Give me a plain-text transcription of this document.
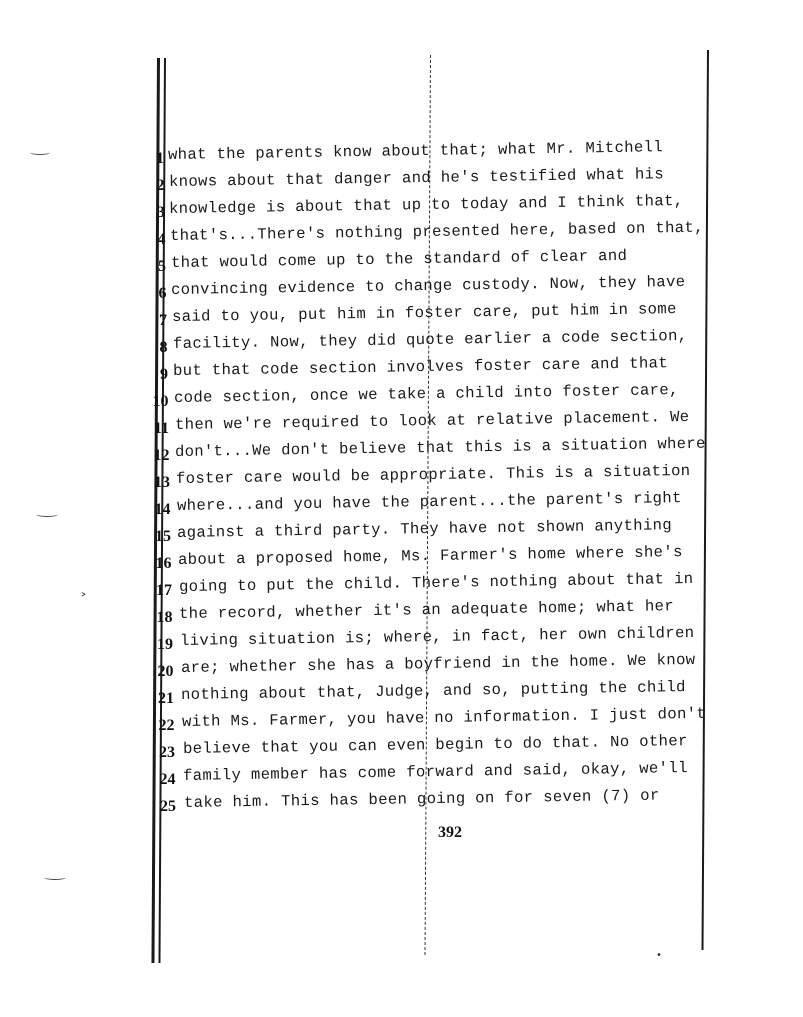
˃
•
1 what the parents know about that; what Mr. Mitchell
2 knows about that danger and he's testified what his
3 knowledge is about that up to today and I think that,
4 that's...There's nothing presented here, based on that,
5 that would come up to the standard of clear and
6 convincing evidence to change custody. Now, they have
7 said to you, put him in foster care, put him in some
8 facility. Now, they did quote earlier a code section,
9 but that code section involves foster care and that
10 code section, once we take a child into foster care,
11 then we're required to look at relative placement. We
12 don't...We don't believe that this is a situation where
13 foster care would be appropriate. This is a situation
14 where...and you have the parent...the parent's right
15 against a third party. They have not shown anything
16 about a proposed home, Ms. Farmer's home where she's
17 going to put the child. There's nothing about that in
18 the record, whether it's an adequate home; what her
19 living situation is; where, in fact, her own children
20 are; whether she has a boyfriend in the home. We know
21 nothing about that, Judge, and so, putting the child
22 with Ms. Farmer, you have no information. I just don't
23 believe that you can even begin to do that. No other
24 family member has come forward and said, okay, we'll
25 take him. This has been going on for seven (7) or
392
